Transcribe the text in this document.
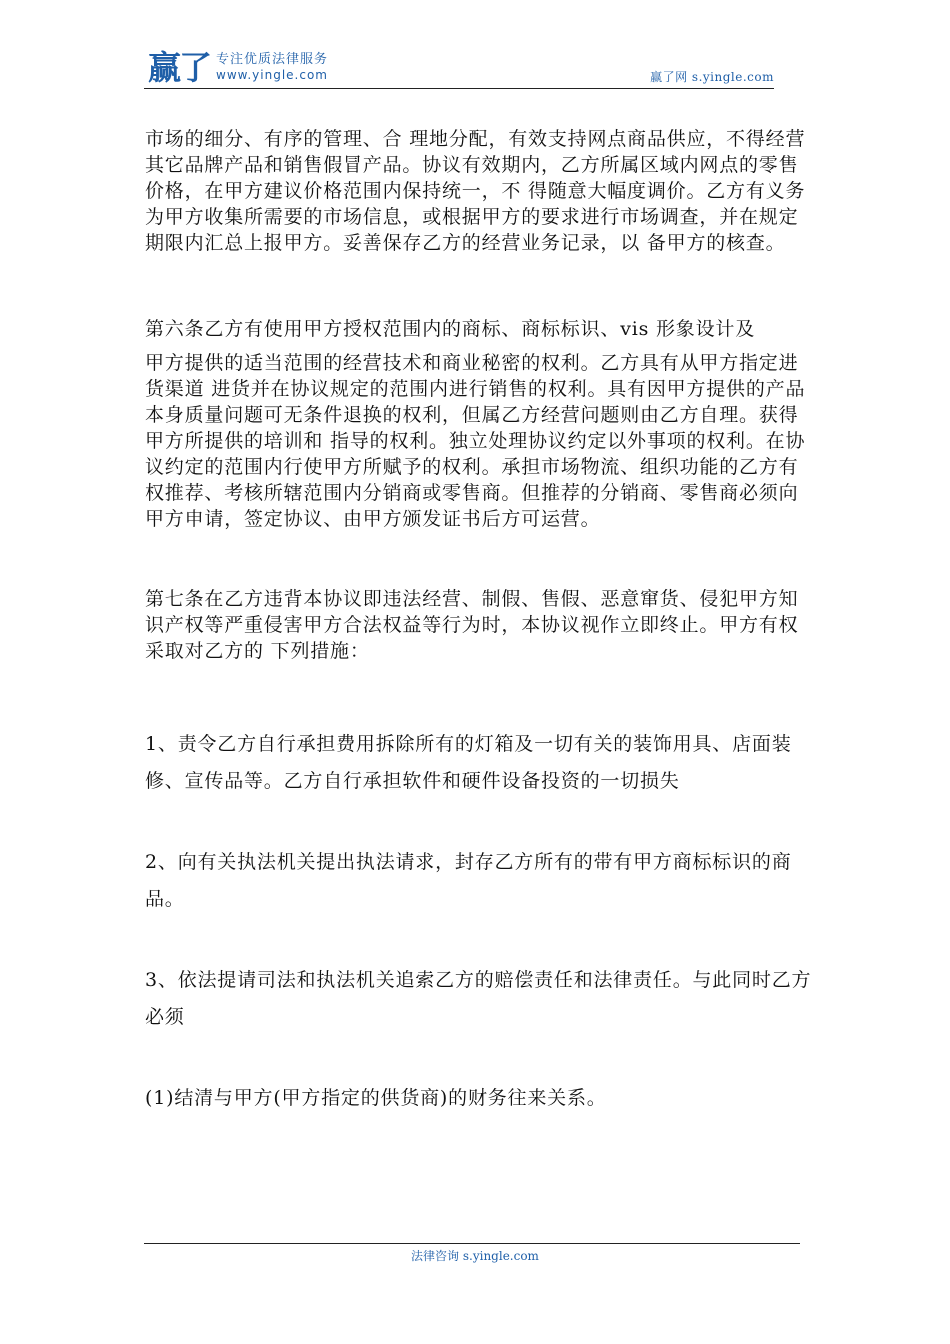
赢了 专注优质法律服务
www.yingle.com	赢了网 s.yingle.com

市场的细分、有序的管理、合 理地分配，有效支持网点商品供应，不得经营其它品牌产品和销售假冒产品。协议有效期内，乙方所属区域内网点的零售价格，在甲方建议价格范围内保持统一，不 得随意大幅度调价。乙方有义务为甲方收集所需要的市场信息，或根据甲方的要求进行市场调查，并在规定期限内汇总上报甲方。妥善保存乙方的经营业务记录，以 备甲方的核查。

第六条乙方有使用甲方授权范围内的商标、商标标识、vis 形象设计及

甲方提供的适当范围的经营技术和商业秘密的权利。乙方具有从甲方指定进货渠道 进货并在协议规定的范围内进行销售的权利。具有因甲方提供的产品本身质量问题可无条件退换的权利，但属乙方经营问题则由乙方自理。获得甲方所提供的培训和 指导的权利。独立处理协议约定以外事项的权利。在协议约定的范围内行使甲方所赋予的权利。承担市场物流、组织功能的乙方有权推荐、考核所辖范围内分销商或零售商。但推荐的分销商、零售商必须向甲方申请，签定协议、由甲方颁发证书后方可运营。

第七条在乙方违背本协议即违法经营、制假、售假、恶意窜货、侵犯甲方知识产权等严重侵害甲方合法权益等行为时，本协议视作立即终止。甲方有权采取对乙方的 下列措施：

1、责令乙方自行承担费用拆除所有的灯箱及一切有关的装饰用具、店面装修、宣传品等。乙方自行承担软件和硬件设备投资的一切损失

2、向有关执法机关提出执法请求，封存乙方所有的带有甲方商标标识的商品。

3、依法提请司法和执法机关追索乙方的赔偿责任和法律责任。与此同时乙方必须

(1)结清与甲方(甲方指定的供货商)的财务往来关系。

法律咨询 s.yingle.com
